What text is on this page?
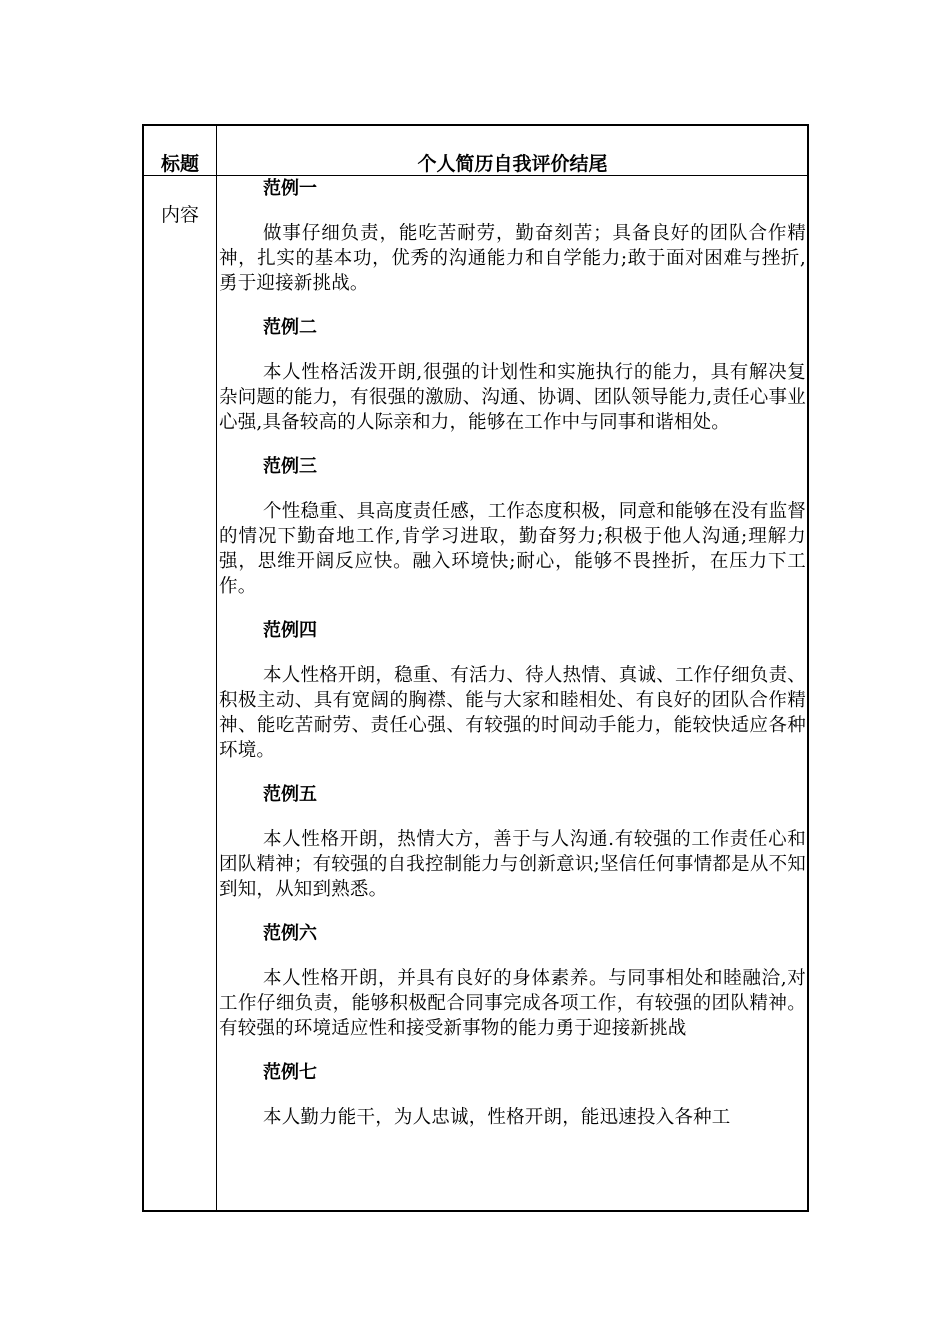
标题	个人简历自我评价结尾
内容
范例一
做事仔细负责，能吃苦耐劳，勤奋刻苦；具备良好的团队合作精神，扎实的基本功，优秀的沟通能力和自学能力;敢于面对困难与挫折,勇于迎接新挑战。
范例二
本人性格活泼开朗,很强的计划性和实施执行的能力，具有解决复杂问题的能力，有很强的激励、沟通、协调、团队领导能力,责任心事业心强,具备较高的人际亲和力，能够在工作中与同事和谐相处。
范例三
个性稳重、具高度责任感，工作态度积极，同意和能够在没有监督的情况下勤奋地工作,肯学习进取，勤奋努力;积极于他人沟通;理解力强，思维开阔反应快。融入环境快;耐心，能够不畏挫折，在压力下工作。
范例四
本人性格开朗，稳重、有活力、待人热情、真诚、工作仔细负责、积极主动、具有宽阔的胸襟、能与大家和睦相处、有良好的团队合作精神、能吃苦耐劳、责任心强、有较强的时间动手能力，能较快适应各种环境。
范例五
本人性格开朗，热情大方，善于与人沟通.有较强的工作责任心和团队精神；有较强的自我控制能力与创新意识;坚信任何事情都是从不知到知，从知到熟悉。
范例六
本人性格开朗，并具有良好的身体素养。与同事相处和睦融洽,对工作仔细负责，能够积极配合同事完成各项工作，有较强的团队精神。有较强的环境适应性和接受新事物的能力勇于迎接新挑战
范例七
本人勤力能干，为人忠诚，性格开朗，能迅速投入各种工
